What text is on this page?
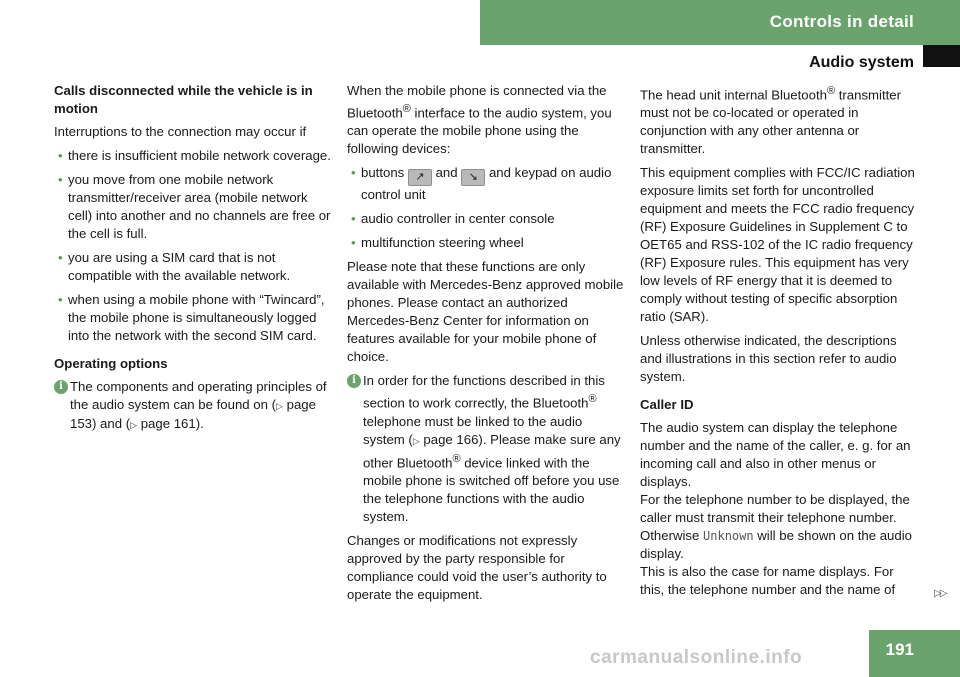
Controls in detail
Audio system
Calls disconnected while the vehicle is in motion

Interruptions to the connection may occur if

• there is insufficient mobile network coverage.
• you move from one mobile network transmitter/receiver area (mobile network cell) into another and no channels are free or the cell is full.
• you are using a SIM card that is not compatible with the available network.
• when using a mobile phone with “Twincard”, the mobile phone is simultaneously logged into the network with the second SIM card.
Operating options
i The components and operating principles of the audio system can be found on (▷ page 153) and (▷ page 161).

When the mobile phone is connected via the Bluetooth® interface to the audio system, you can operate the mobile phone using the following devices:

• buttons ↗ and ↘ and keypad on audio control unit
• audio controller in center console
• multifunction steering wheel

Please note that these functions are only available with Mercedes-Benz approved mobile phones. Please contact an authorized Mercedes-Benz Center for information on features available for your mobile phone of choice.

i In order for the functions described in this section to work correctly, the Bluetooth® telephone must be linked to the audio system (▷ page 166). Please make sure any other Bluetooth® device linked with the mobile phone is switched off before you use the telephone functions with the audio system.

Changes or modifications not expressly approved by the party responsible for compliance could void the user’s authority to operate the equipment.

The head unit internal Bluetooth® transmitter must not be co-located or operated in conjunction with any other antenna or transmitter.

This equipment complies with FCC/IC radiation exposure limits set forth for uncontrolled equipment and meets the FCC radio frequency (RF) Exposure Guidelines in Supplement C to OET65 and RSS-102 of the IC radio frequency (RF) Exposure rules. This equipment has very low levels of RF energy that it is deemed to comply without testing of specific absorption ratio (SAR).

Unless otherwise indicated, the descriptions and illustrations in this section refer to audio system.

Caller ID

The audio system can display the telephone number and the name of the caller, e. g. for an incoming call and also in other menus or displays.

For the telephone number to be displayed, the caller must transmit their telephone number. Otherwise Unknown will be shown on the audio display.

This is also the case for name displays. For this, the telephone number and the name of	▷▷
carmanualsonline.info	191
